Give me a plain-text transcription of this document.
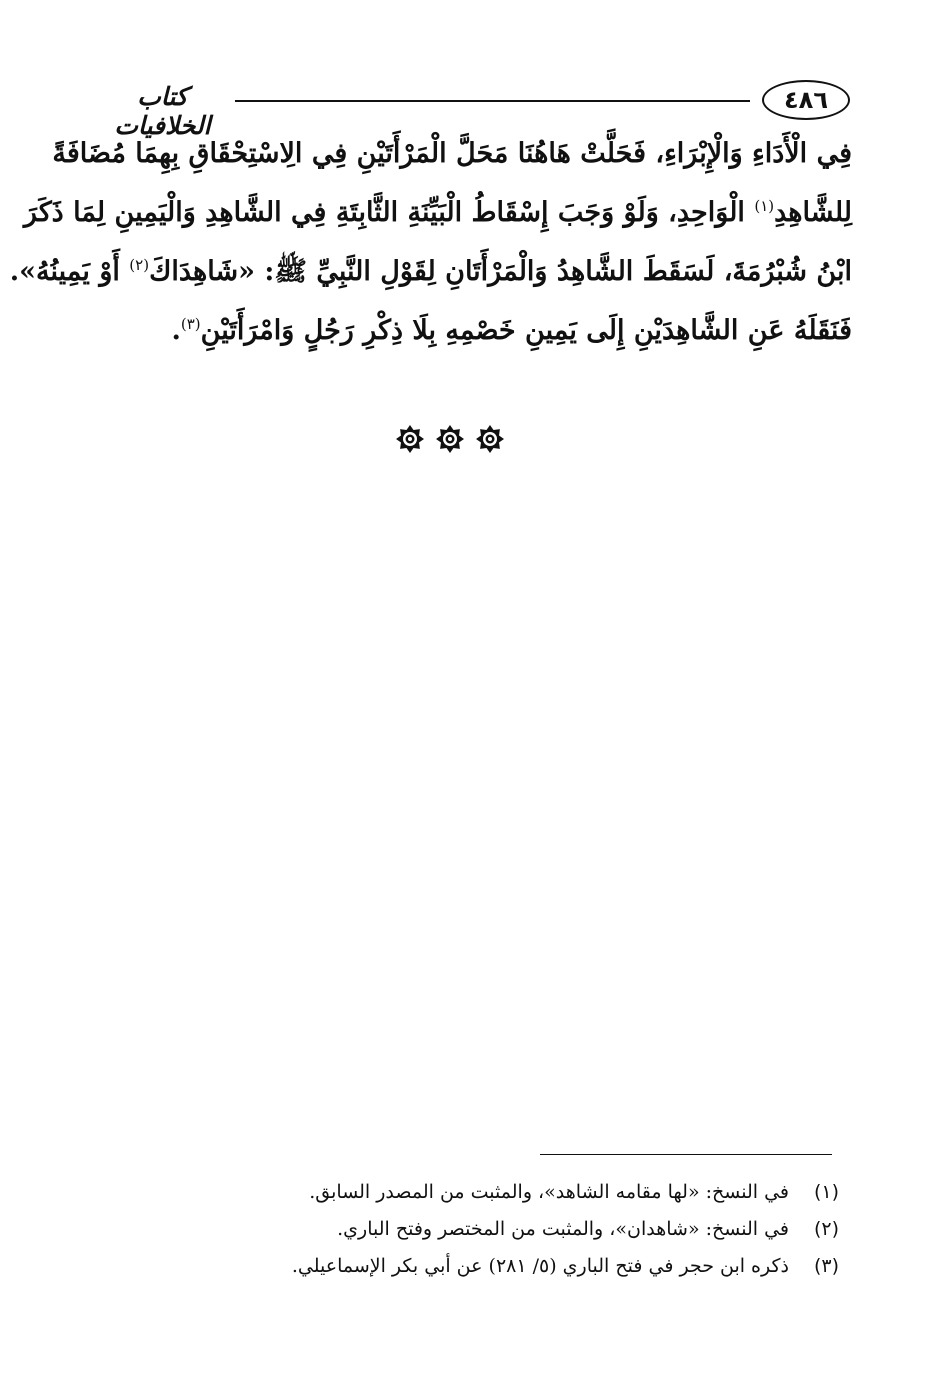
٤٨٦
كتاب الخلافيات
فِي الْأَدَاءِ وَالْإِبْرَاءِ، فَحَلَّتْ هَاهُنَا مَحَلَّ الْمَرْأَتَيْنِ فِي الِاسْتِحْقَاقِ بِهِمَا مُضَافَةً
لِلشَّاهِدِ$^{(١)}$ الْوَاحِدِ، وَلَوْ وَجَبَ إِسْقَاطُ الْبَيِّنَةِ الثَّابِتَةِ فِي الشَّاهِدِ وَالْيَمِينِ لِمَا ذَكَرَ
ابْنُ شُبْرُمَةَ، لَسَقَطَ الشَّاهِدُ وَالْمَرْأَتَانِ لِقَوْلِ النَّبِيِّ ﷺ: «شَاهِدَاكَ$^{(٢)}$ أَوْ يَمِينُهُ».
فَنَقَلَهُ عَنِ الشَّاهِدَيْنِ إِلَى يَمِينِ خَصْمِهِ بِلَا ذِكْرِ رَجُلٍ وَامْرَأَتَيْنِ$^{(٣)}$.
(١)
في النسخ: «لها مقامه الشاهد»، والمثبت من المصدر السابق.
(٢)
في النسخ: «شاهدان»، والمثبت من المختصر وفتح الباري.
(٣)
ذكره ابن حجر في فتح الباري (٥/ ٢٨١) عن أبي بكر الإسماعيلي.
